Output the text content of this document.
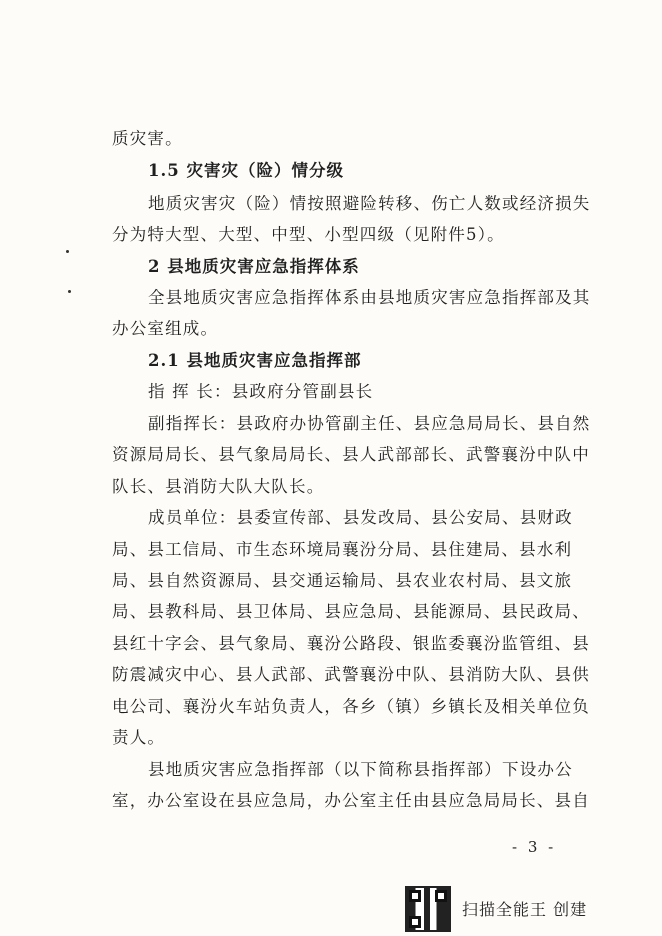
质灾害。
1.5 灾害灾（险）情分级
地质灾害灾（险）情按照避险转移、伤亡人数或经济损失
分为特大型、大型、中型、小型四级（见附件5）。
2 县地质灾害应急指挥体系
全县地质灾害应急指挥体系由县地质灾害应急指挥部及其
办公室组成。
2.1 县地质灾害应急指挥部
指 挥 长：县政府分管副县长
副指挥长：县政府办协管副主任、县应急局局长、县自然
资源局局长、县气象局局长、县人武部部长、武警襄汾中队中
队长、县消防大队大队长。
成员单位：县委宣传部、县发改局、县公安局、县财政
局、县工信局、市生态环境局襄汾分局、县住建局、县水利
局、县自然资源局、县交通运输局、县农业农村局、县文旅
局、县教科局、县卫体局、县应急局、县能源局、县民政局、
县红十字会、县气象局、襄汾公路段、银监委襄汾监管组、县
防震减灾中心、县人武部、武警襄汾中队、县消防大队、县供
电公司、襄汾火车站负责人，各乡（镇）乡镇长及相关单位负
责人。
县地质灾害应急指挥部（以下简称县指挥部）下设办公
室，办公室设在县应急局，办公室主任由县应急局局长、县自
- 3 -
扫描全能王 创建
